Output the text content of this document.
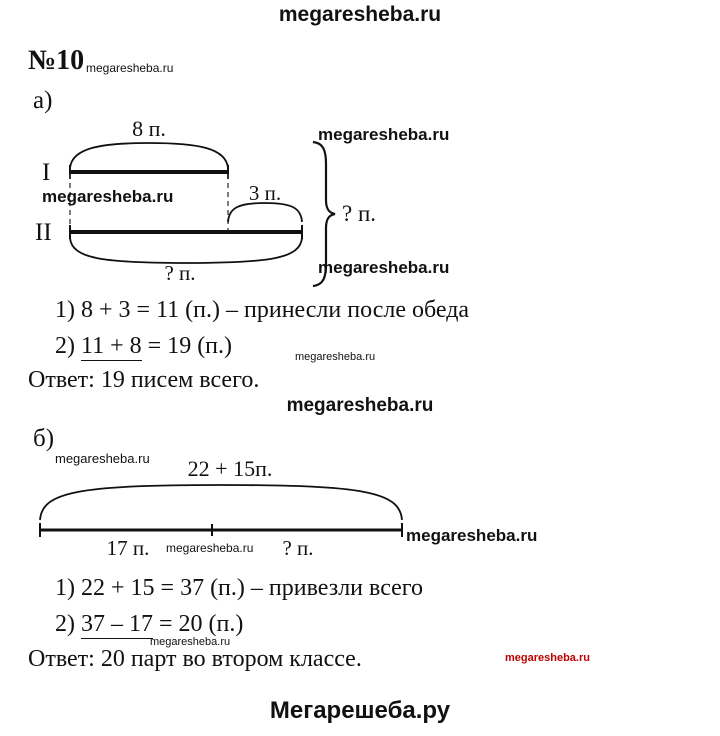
megaresheba.ru
№10 megaresheba.ru
а)
8 п.
I
3 п.
II
? п.
? п.
megaresheba.ru
megaresheba.ru
megaresheba.ru
1) 8 + 3 = 11 (п.) – принесли после обеда
2) 11 + 8 = 19 (п.)	megaresheba.ru
Ответ: 19 писем всего.
megaresheba.ru
б)
megaresheba.ru 22 + 15п.
17 п.	? п.
megaresheba.ru
megaresheba.ru
1) 22 + 15 = 37 (п.) – привезли всего
2) 37 – 17 = 20 (п.)
megaresheba.ru
Ответ: 20 парт во втором классе.	megaresheba.ru
Мегарешеба.ру
